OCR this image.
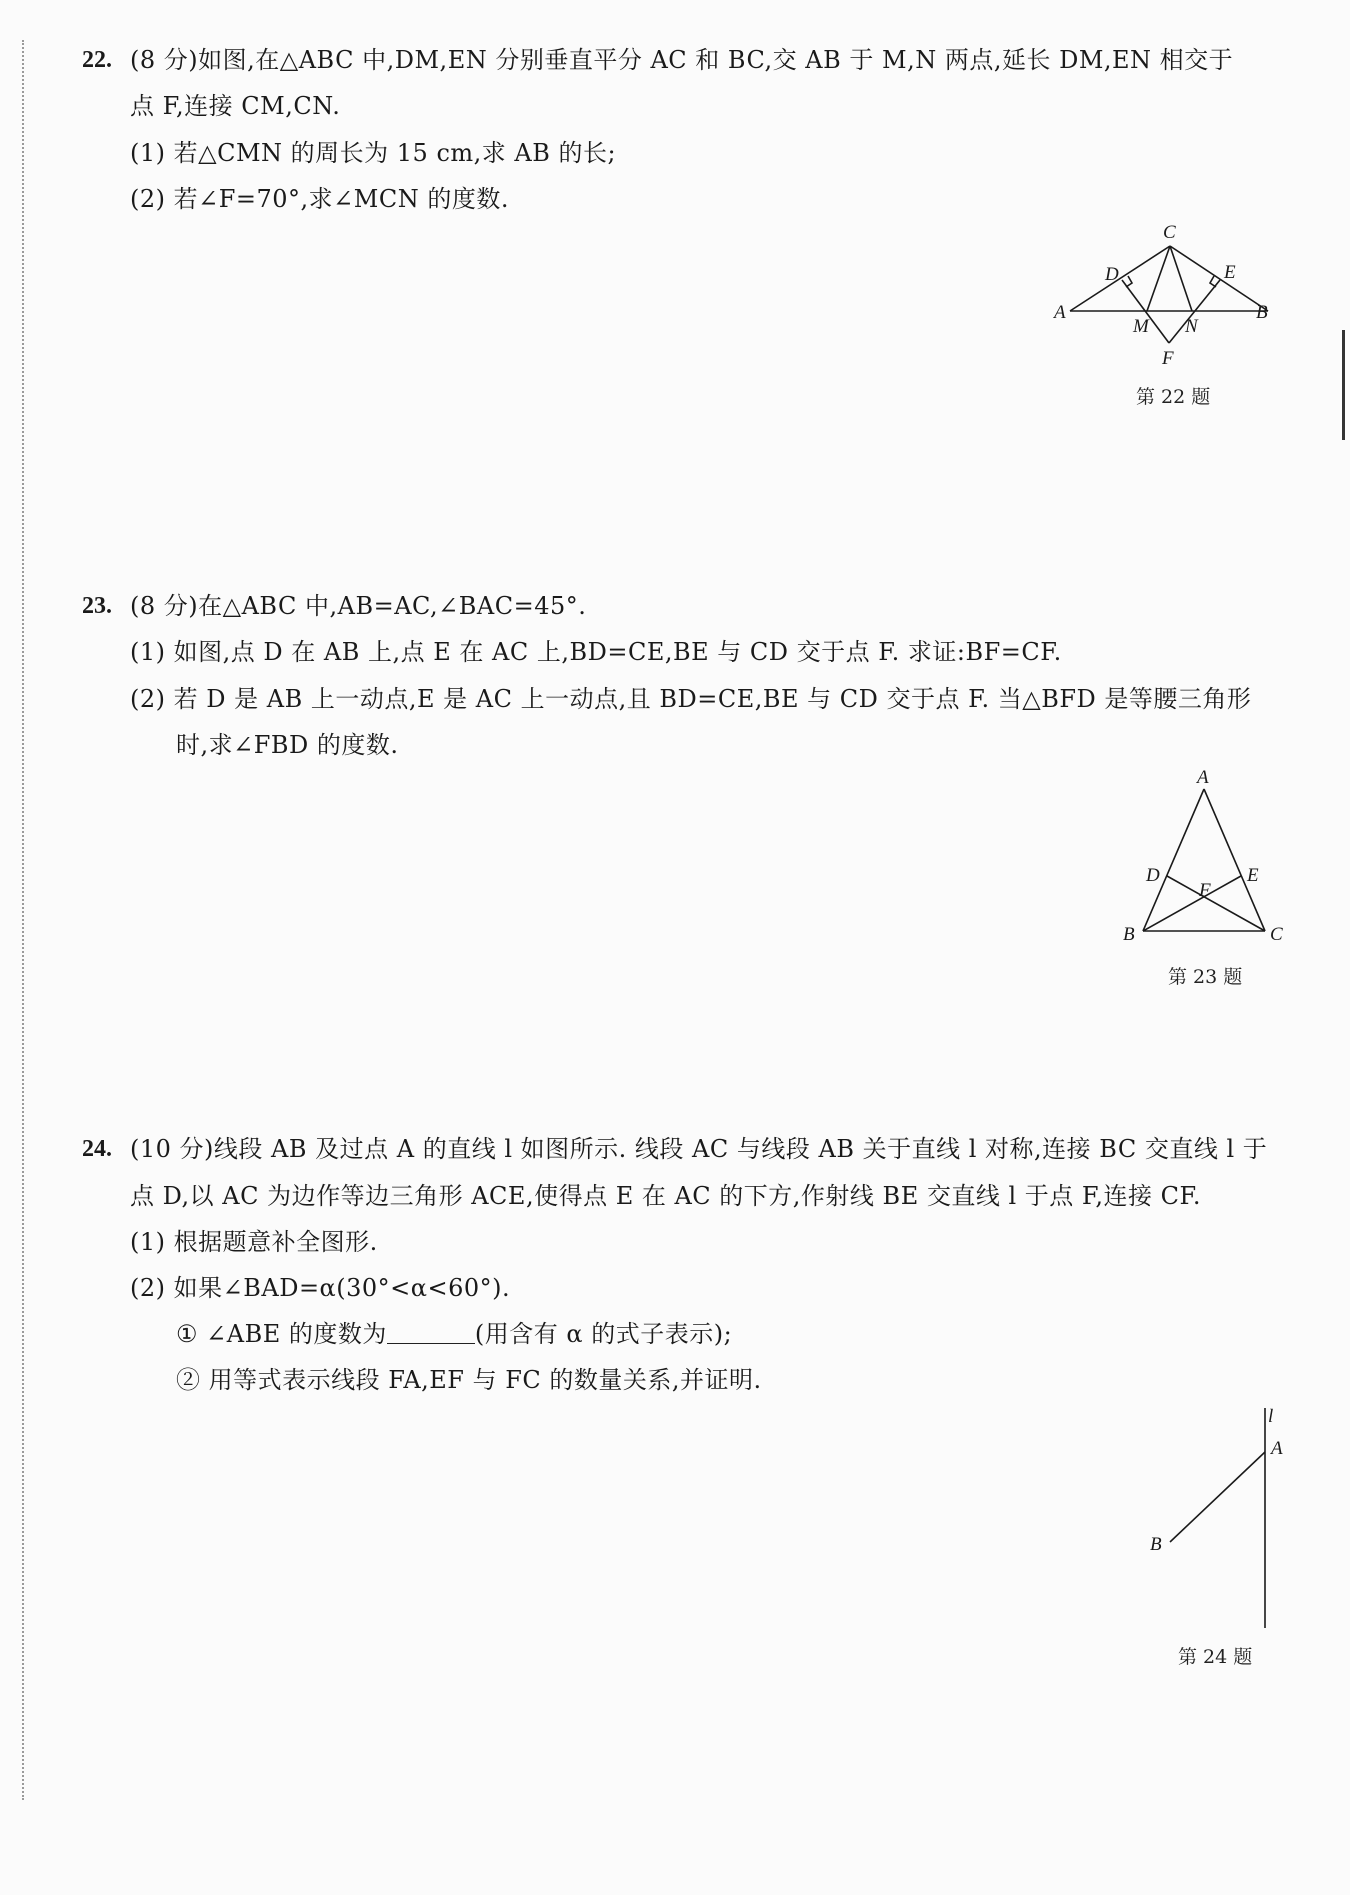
22. (8 分)如图,在△ABC 中,DM,EN 分别垂直平分 AC 和 BC,交 AB 于 M,N 两点,延长 DM,EN 相交于
点 F,连接 CM,CN.
(1) 若△CMN 的周长为 15 cm,求 AB 的长;
(2) 若∠F=70°,求∠MCN 的度数.
A	B
C
D	E
M N
F
第 22 题
23. (8 分)在△ABC 中,AB=AC,∠BAC=45°.
(1) 如图,点 D 在 AB 上,点 E 在 AC 上,BD=CE,BE 与 CD 交于点 F. 求证:BF=CF.
(2) 若 D 是 AB 上一动点,E 是 AC 上一动点,且 BD=CE,BE 与 CD 交于点 F. 当△BFD 是等腰三角形
时,求∠FBD 的度数.
A
B	C
D	E
F
第 23 题
24. (10 分)线段 AB 及过点 A 的直线 l 如图所示. 线段 AC 与线段 AB 关于直线 l 对称,连接 BC 交直线 l 于
点 D,以 AC 为边作等边三角形 ACE,使得点 E 在 AC 的下方,作射线 BE 交直线 l 于点 F,连接 CF.
(1) 根据题意补全图形.
(2) 如果∠BAD=α(30°<α<60°).
① ∠ABE 的度数为	(用含有 α 的式子表示);
② 用等式表示线段 FA,EF 与 FC 的数量关系,并证明.
l
A
B
第 24 题
